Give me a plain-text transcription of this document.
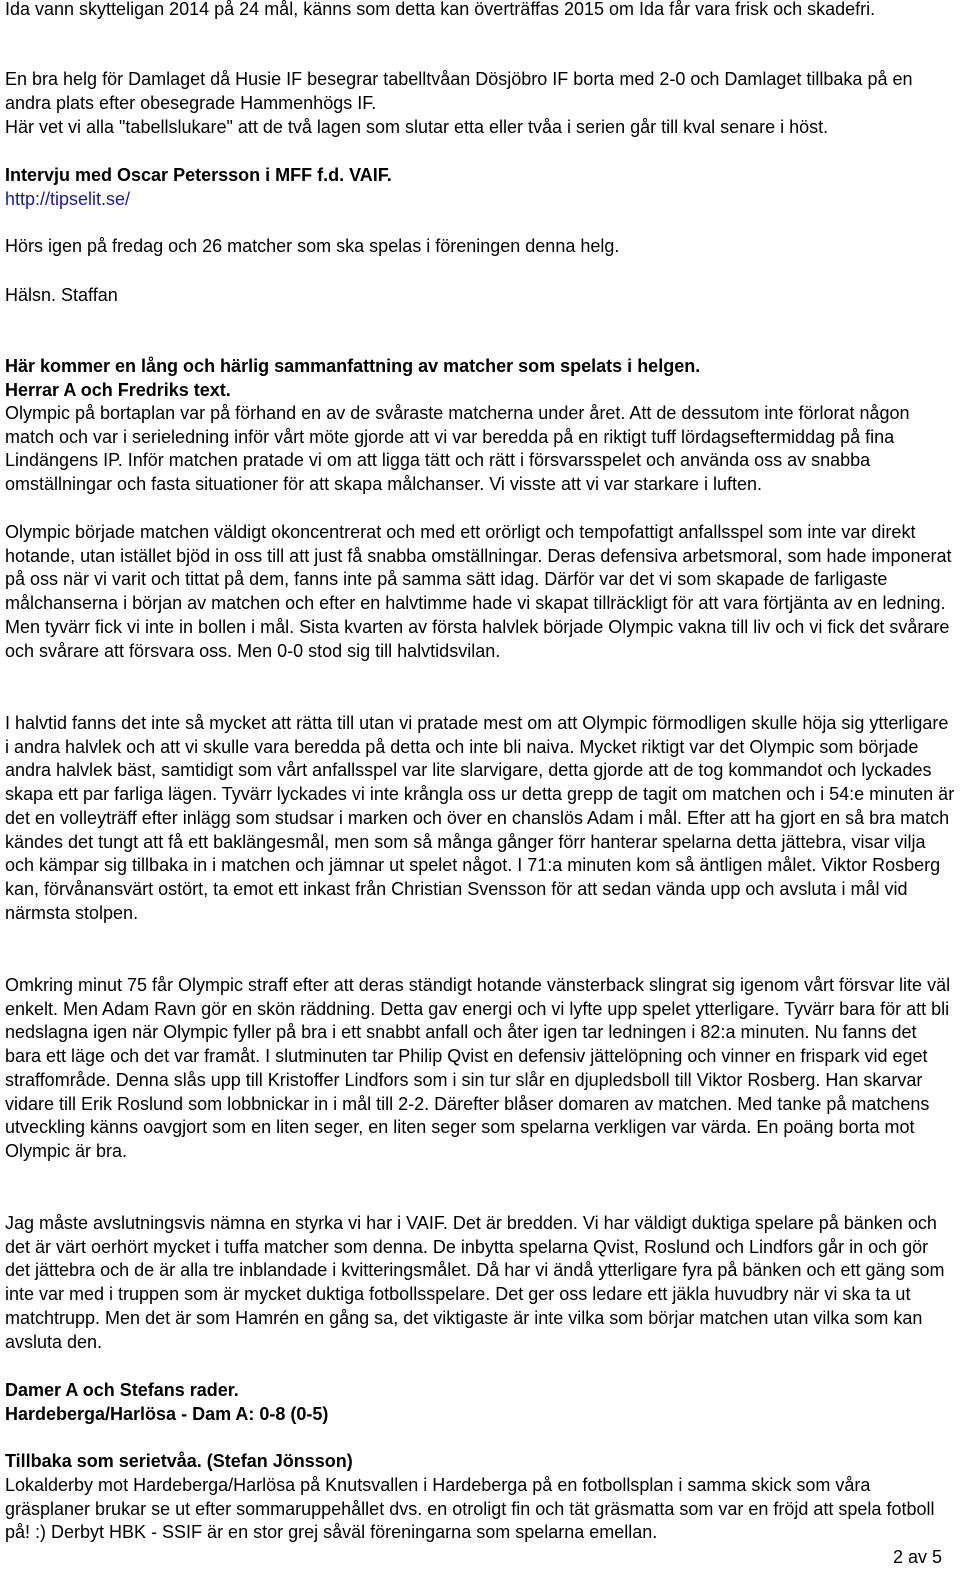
Ida vann skytteligan 2014 på 24 mål, känns som detta kan överträffas 2015 om Ida får vara frisk och skadefri.

En bra helg för Damlaget då Husie IF besegrar tabelltvåan Dösjöbro IF borta med 2-0 och Damlaget tillbaka på en andra plats efter obesegrade Hammenhögs IF.

Här vet vi alla "tabellslukare" att de två lagen som slutar etta eller tvåa i serien går till kval senare i höst.

Intervju med Oscar Petersson i MFF f.d. VAIF.

http://tipselit.se/

Hörs igen på fredag och 26 matcher som ska spelas i föreningen denna helg.

Hälsn. Staffan

Här kommer en lång och härlig sammanfattning av matcher som spelats i helgen.

Herrar A och Fredriks text.

Olympic på bortaplan var på förhand en av de svåraste matcherna under året. Att de dessutom inte förlorat någon match och var i serieledning inför vårt möte gjorde att vi var beredda på en riktigt tuff lördagseftermiddag på fina Lindängens IP. Inför matchen pratade vi om att ligga tätt och rätt i försvarsspelet och använda oss av snabba omställningar och fasta situationer för att skapa målchanser. Vi visste att vi var starkare i luften.

Olympic började matchen väldigt okoncentrerat och med ett orörligt och tempofattigt anfallsspel som inte var direkt hotande, utan istället bjöd in oss till att just få snabba omställningar. Deras defensiva arbetsmoral, som hade imponerat på oss när vi varit och tittat på dem, fanns inte på samma sätt idag. Därför var det vi som skapade de farligaste målchanserna i början av matchen och efter en halvtimme hade vi skapat tillräckligt för att vara förtjänta av en ledning. Men tyvärr fick vi inte in bollen i mål. Sista kvarten av första halvlek började Olympic vakna till liv och vi fick det svårare och svårare att försvara oss. Men 0-0 stod sig till halvtidsvilan.

I halvtid fanns det inte så mycket att rätta till utan vi pratade mest om att Olympic förmodligen skulle höja sig ytterligare i andra halvlek och att vi skulle vara beredda på detta och inte bli naiva. Mycket riktigt var det Olympic som började andra halvlek bäst, samtidigt som vårt anfallsspel var lite slarvigare, detta gjorde att de tog kommandot och lyckades skapa ett par farliga lägen. Tyvärr lyckades vi inte krångla oss ur detta grepp de tagit om matchen och i 54:e minuten är det en volleyträff efter inlägg som studsar i marken och över en chanslös Adam i mål. Efter att ha gjort en så bra match kändes det tungt att få ett baklängesmål, men som så många gånger förr hanterar spelarna detta jättebra, visar vilja och kämpar sig tillbaka in i matchen och jämnar ut spelet något. I 71:a minuten kom så äntligen målet. Viktor Rosberg kan, förvånansvärt ostört, ta emot ett inkast från Christian Svensson för att sedan vända upp och avsluta i mål vid närmsta stolpen.

Omkring minut 75 får Olympic straff efter att deras ständigt hotande vänsterback slingrat sig igenom vårt försvar lite väl enkelt. Men Adam Ravn gör en skön räddning. Detta gav energi och vi lyfte upp spelet ytterligare. Tyvärr bara för att bli nedslagna igen när Olympic fyller på bra i ett snabbt anfall och åter igen tar ledningen i 82:a minuten. Nu fanns det bara ett läge och det var framåt. I slutminuten tar Philip Qvist en defensiv jättelöpning och vinner en frispark vid eget straffområde. Denna slås upp till Kristoffer Lindfors som i sin tur slår en djupledsboll till Viktor Rosberg. Han skarvar vidare till Erik Roslund som lobbnickar in i mål till 2-2. Därefter blåser domaren av matchen. Med tanke på matchens utveckling känns oavgjort som en liten seger, en liten seger som spelarna verkligen var värda. En poäng borta mot Olympic är bra.

Jag måste avslutningsvis nämna en styrka vi har i VAIF. Det är bredden. Vi har väldigt duktiga spelare på bänken och det är värt oerhört mycket i tuffa matcher som denna. De inbytta spelarna Qvist, Roslund och Lindfors går in och gör det jättebra och de är alla tre inblandade i kvitteringsmålet. Då har vi ändå ytterligare fyra på bänken och ett gäng som inte var med i truppen som är mycket duktiga fotbollsspelare. Det ger oss ledare ett jäkla huvudbry när vi ska ta ut matchtrupp. Men det är som Hamrén en gång sa, det viktigaste är inte vilka som börjar matchen utan vilka som kan avsluta den.

Damer A och Stefans rader.

Hardeberga/Harlösa - Dam A: 0-8 (0-5)

Tillbaka som serietvåa. (Stefan Jönsson)

Lokalderby mot Hardeberga/Harlösa på Knutsvallen i Hardeberga på en fotbollsplan i samma skick som våra gräsplaner brukar se ut efter sommaruppehållet dvs. en otroligt fin och tät gräsmatta som var en fröjd att spela fotboll på! :) Derbyt HBK - SSIF är en stor grej såväl föreningarna som spelarna emellan.

2 av 5
